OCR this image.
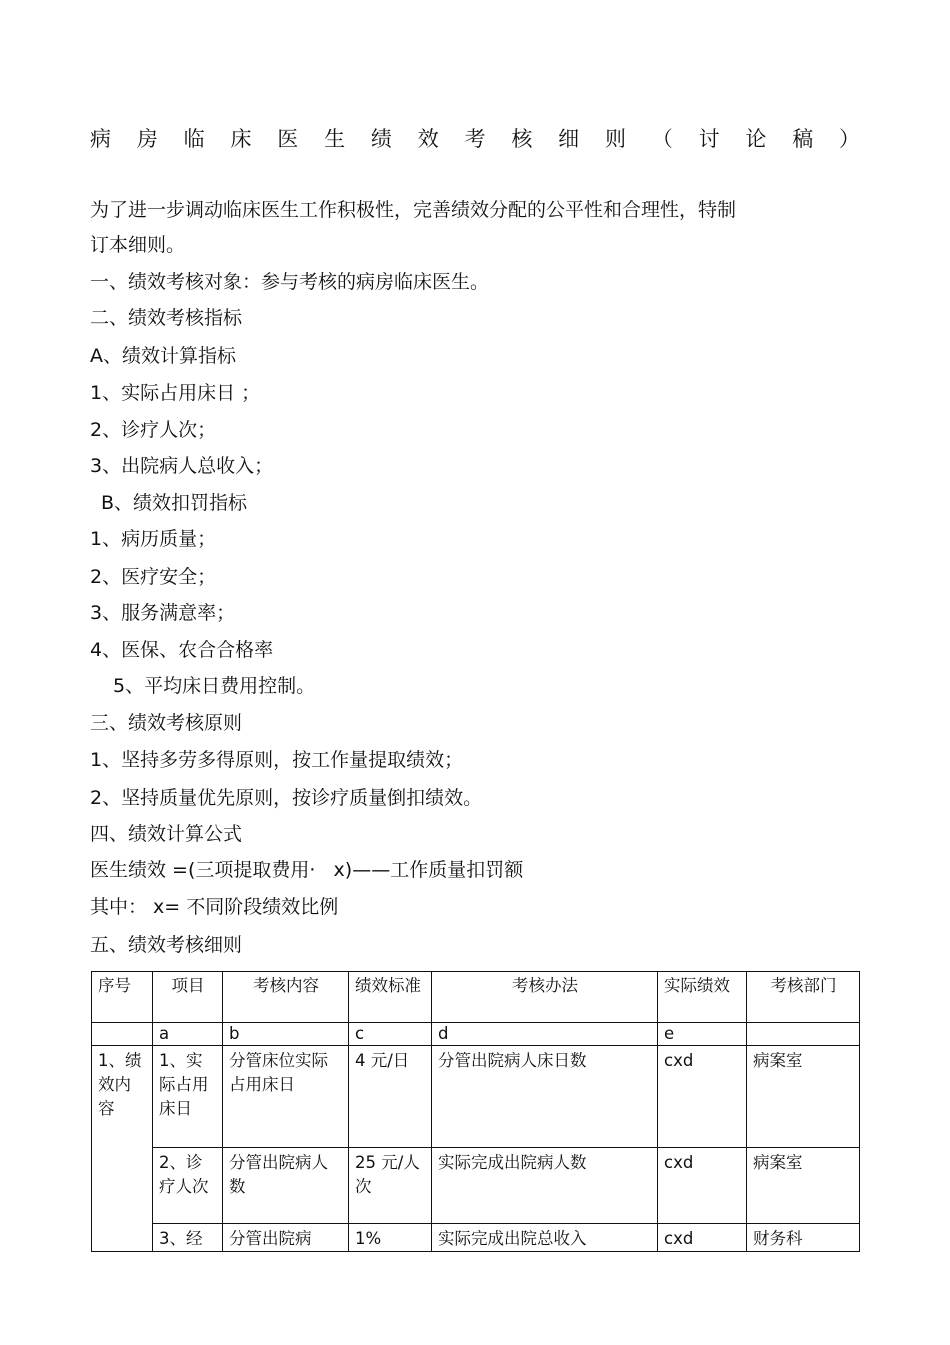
病 房 临 床 医 生 绩 效 考 核 细 则 （ 讨 论 稿 ）
为了进一步调动临床医生工作积极性，完善绩效分配的公平性和合理性，特制
订本细则。
一、绩效考核对象：参与考核的病房临床医生。
二、绩效考核指标
A、绩效计算指标
1、实际占用床日 ；
2、诊疗人次；
3、出院病人总收入；
B、绩效扣罚指标
1、病历质量；
2、医疗安全；
3、服务满意率；
4、医保、农合合格率
5、平均床日费用控制。
三、绩效考核原则
1、坚持多劳多得原则，按工作量提取绩效；
2、坚持质量优先原则，按诊疗质量倒扣绩效。
四、绩效计算公式
医生绩效 =(三项提取费用·   x)——工作质量扣罚额
其中： x= 不同阶段绩效比例
五、绩效考核细则
序号	项目	考核内容	绩效标准	考核办法	实际绩效	考核部门
	a	b	c	d	e	
1、绩效内容	1、实际占用床日	分管床位实际占用床日	4 元/日	分管出院病人床日数	cxd	病案室
	2、诊疗人次	分管出院病人数	25 元/人次	实际完成出院病人数	cxd	病案室
	3、经	分管出院病	1%	实际完成出院总收入	cxd	财务科
